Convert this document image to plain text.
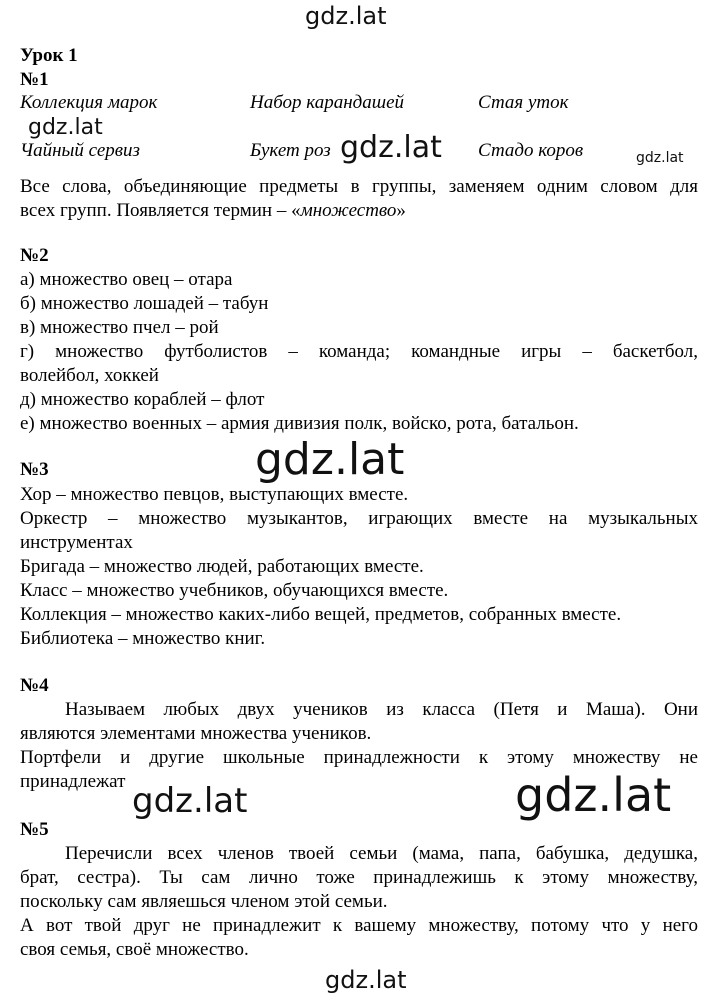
gdz.lat
gdz.lat
gdz.lat
gdz.lat
gdz.lat	gdz.lat
gdz.lat
Урок 1
№1
Коллекция марок	Набор карандашей	Стая уток
Чайный сервиз	Букет роз	Стадо коров
gdz.lat
Все слова, объединяющие предметы в группы, заменяем одним словом для
всех групп. Появляется термин – «множество»
№2
а) множество овец – отара
б) множество лошадей – табун
в) множество пчел – рой
г) множество футболистов – команда; командные игры – баскетбол,
волейбол, хоккей
д) множество кораблей – флот
е) множество военных – армия дивизия полк, войско, рота, батальон.
№3
Хор – множество певцов, выступающих вместе.
Оркестр – множество музыкантов, играющих вместе на музыкальных
инструментах
Бригада – множество людей, работающих вместе.
Класс – множество учебников, обучающихся вместе.
Коллекция – множество каких-либо вещей, предметов, собранных вместе.
Библиотека – множество книг.
№4
Называем любых двух учеников из класса (Петя и Маша). Они
являются элементами множества учеников.
Портфели и другие школьные принадлежности к этому множеству не
принадлежат
№5
Перечисли всех членов твоей семьи (мама, папа, бабушка, дедушка,
брат, сестра). Ты сам лично тоже принадлежишь к этому множеству,
поскольку сам являешься членом этой семьи.
А вот твой друг не принадлежит к вашему множеству, потому что у него
своя семья, своё множество.
